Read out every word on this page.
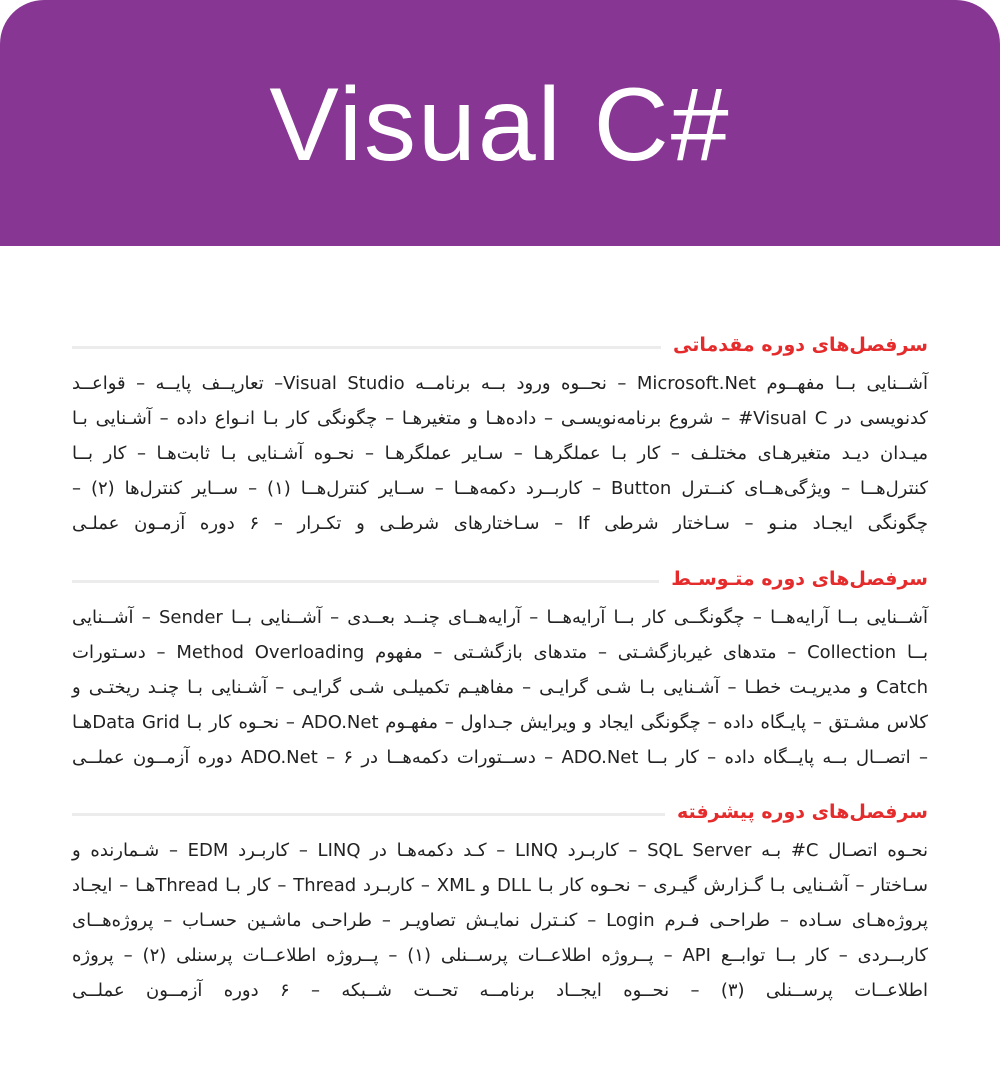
Visual C#
سرفصل‌های دوره مقدماتی

آشــنایی بــا مفهــوم Microsoft.Net – نحــوه ورود بــه برنامــه Visual Studio– تعاریــف پایــه – قواعــد کدنویسی در Visual C# – شروع برنامه‌نویسـی – داده‌هـا و متغیرهـا – چگونگی کار بـا انـواع داده – آشـنایی بـا میـدان دیـد متغیرهـای مختلـف – کار بـا عملگرهـا – سـایر عملگرهـا – نحـوه آشـنایی بـا ثابت‌هـا – کار بــا کنترل‌هــا – ویژگی‌هــای کنــترل Button – کاربــرد دکمه‌هــا – ســایر کنترل‌هــا (۱) – ســایر کنترل‌ها (۲) – چگونگی ایجـاد منـو – سـاختار شرطی If – سـاختارهای شرطـی و تکـرار – ۶ دوره آزمـون عملـی

سرفصل‌های دوره متـوسـط

آشــنایی بــا آرایه‌هــا – چگونگــی کار بــا آرایه‌هــا – آرایه‌هــای چنــد بعــدی – آشــنایی بــا Sender – آشــنایی بــا Collection – متدهای غیربازگشـتی – متدهای بازگشـتی – مفهوم Method Overloading – دسـتورات Catch و مدیریـت خطـا – آشـنایی بـا شـی گرایـی – مفاهیـم تکمیلـی شـی گرایـی – آشـنایی بـا چنـد ریختـی و کلاس مشـتق – پایـگاه داده – چگونگی ایجاد و ویرایش جـداول – مفهـوم ADO.Net – نحـوه کار بـا Data Gridهـا – اتصــال بــه پایــگاه داده – کار بــا ADO.Net – دســتورات دکمه‌هــا در ADO.Net – ۶ دوره آزمــون عملــی

سرفصل‌های دوره پیشرفته

نحـوه اتصـال C# بـه SQL Server – کاربـرد LINQ – کـد دکمه‌هـا در LINQ – کاربـرد EDM – شـمارنده و سـاختار – آشـنایی بـا گـزارش گیـری – نحـوه کار بـا DLL و XML – کاربـرد Thread – کار بـا Threadهـا – ایجـاد پروژه‌هـای سـاده – طراحـی فـرم Login – کنـترل نمایـش تصاویـر – طراحـی ماشـین حسـاب – پروژه‌هــای کاربــردی – کار بــا توابــع API – پــروژه اطلاعــات پرســنلی (۱) – پــروژه اطلاعــات پرسنلی (۲) – پروژه اطلاعــات پرســنلی (۳) – نحــوه ایجــاد برنامــه تحــت شــبکه – ۶ دوره آزمــون عملــی
